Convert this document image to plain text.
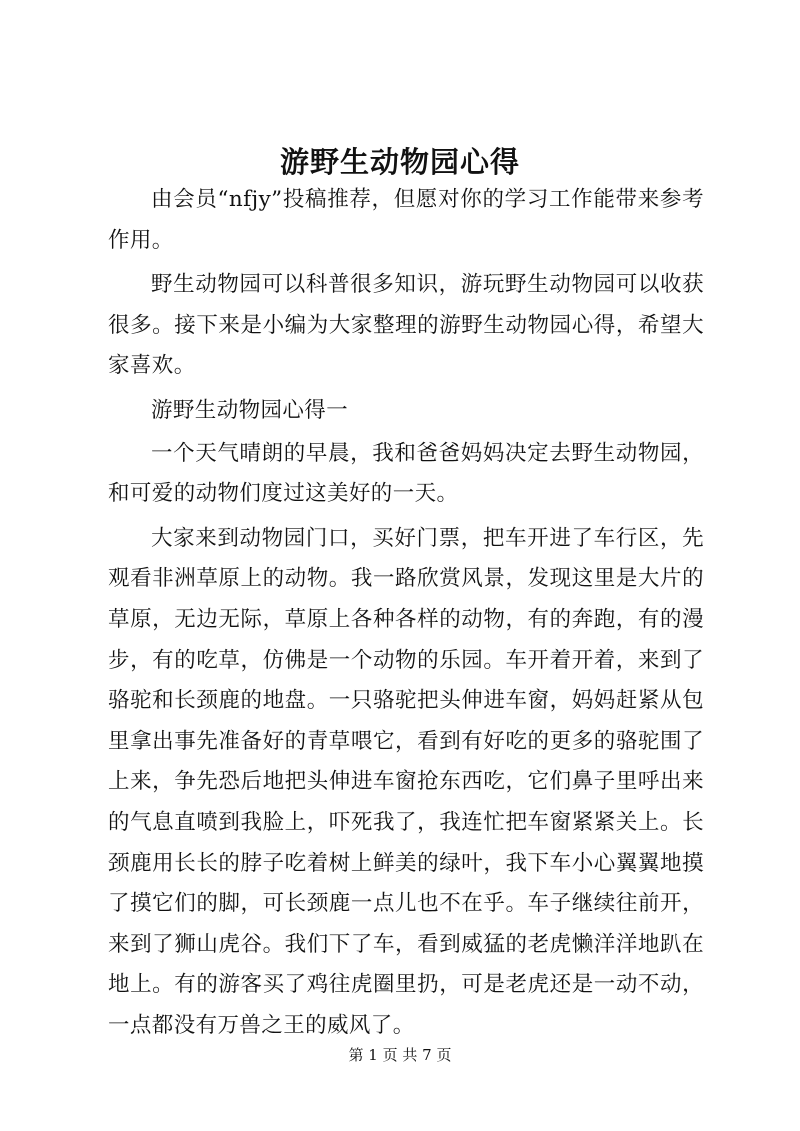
游野生动物园心得

由会员“nfjy”投稿推荐，但愿对你的学习工作能带来参考作用。

野生动物园可以科普很多知识，游玩野生动物园可以收获很多。接下来是小编为大家整理的游野生动物园心得，希望大家喜欢。

游野生动物园心得一

一个天气晴朗的早晨，我和爸爸妈妈决定去野生动物园，和可爱的动物们度过这美好的一天。

大家来到动物园门口，买好门票，把车开进了车行区，先观看非洲草原上的动物。我一路欣赏风景，发现这里是大片的草原，无边无际，草原上各种各样的动物，有的奔跑，有的漫步，有的吃草，仿佛是一个动物的乐园。车开着开着，来到了骆驼和长颈鹿的地盘。一只骆驼把头伸进车窗，妈妈赶紧从包里拿出事先准备好的青草喂它，看到有好吃的更多的骆驼围了上来，争先恐后地把头伸进车窗抢东西吃，它们鼻子里呼出来的气息直喷到我脸上，吓死我了，我连忙把车窗紧紧关上。长颈鹿用长长的脖子吃着树上鲜美的绿叶，我下车小心翼翼地摸了摸它们的脚，可长颈鹿一点儿也不在乎。车子继续往前开，来到了狮山虎谷。我们下了车，看到威猛的老虎懒洋洋地趴在地上。有的游客买了鸡往虎圈里扔，可是老虎还是一动不动，一点都没有万兽之王的威风了。

第 1 页 共 7 页
